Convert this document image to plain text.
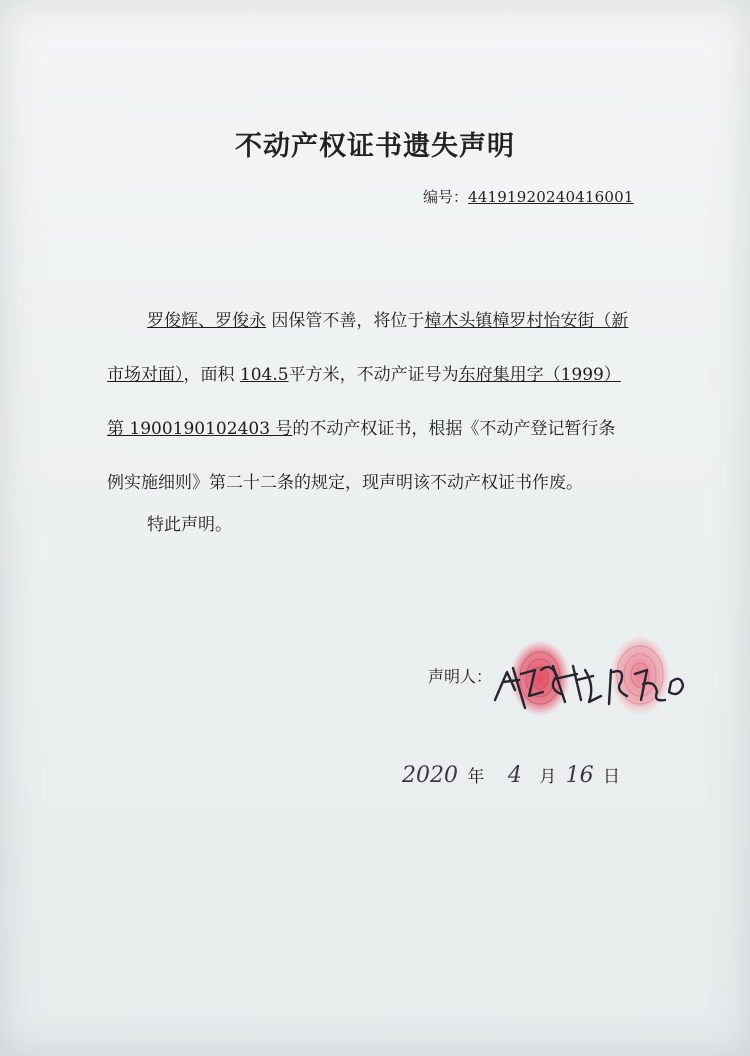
不动产权证书遗失声明
编号：44191920240416001
罗俊辉、罗俊永 因保管不善，将位于樟木头镇樟罗村怡安街（新
市场对面），面积 104.5平方米，不动产证号为东府集用字（1999）
第 1900190102403 号的不动产权证书，根据《不动产登记暂行条
例实施细则》第二十二条的规定，现声明该不动产权证书作废。
特此声明。
声明人：
2020 年 4 月 16 日
